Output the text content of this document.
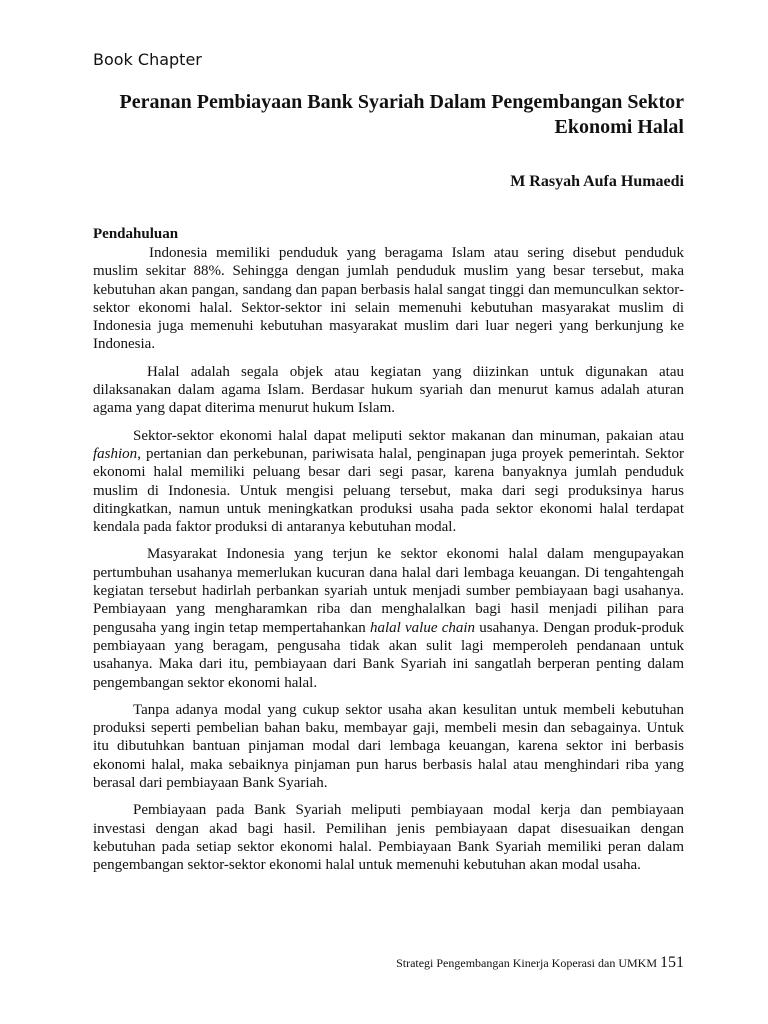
Book Chapter

Peranan Pembiayaan Bank Syariah Dalam Pengembangan Sektor Ekonomi Halal

M Rasyah Aufa Humaedi

Pendahuluan

Indonesia memiliki penduduk yang beragama Islam atau sering disebut penduduk muslim sekitar 88%. Sehingga dengan jumlah penduduk muslim yang besar tersebut, maka kebutuhan akan pangan, sandang dan papan berbasis halal sangat tinggi dan memunculkan sektor-sektor ekonomi halal. Sektor-sektor ini selain memenuhi kebutuhan masyarakat muslim di Indonesia juga memenuhi kebutuhan masyarakat muslim dari luar negeri yang berkunjung ke Indonesia.

Halal adalah segala objek atau kegiatan yang diizinkan untuk digunakan atau dilaksanakan dalam agama Islam. Berdasar hukum syariah dan menurut kamus adalah aturan agama yang dapat diterima menurut hukum Islam.

Sektor-sektor ekonomi halal dapat meliputi sektor makanan dan minuman, pakaian atau fashion, pertanian dan perkebunan, pariwisata halal, penginapan juga proyek pemerintah. Sektor ekonomi halal memiliki peluang besar dari segi pasar, karena banyaknya jumlah penduduk muslim di Indonesia. Untuk mengisi peluang tersebut, maka dari segi produksinya harus ditingkatkan, namun untuk meningkatkan produksi usaha pada sektor ekonomi halal terdapat kendala pada faktor produksi di antaranya kebutuhan modal.

Masyarakat Indonesia yang terjun ke sektor ekonomi halal dalam mengupayakan pertumbuhan usahanya memerlukan kucuran dana halal dari lembaga keuangan. Di tengahtengah kegiatan tersebut hadirlah perbankan syariah untuk menjadi sumber pembiayaan bagi usahanya. Pembiayaan yang mengharamkan riba dan menghalalkan bagi hasil menjadi pilihan para pengusaha yang ingin tetap mempertahankan halal value chain usahanya. Dengan produk-produk pembiayaan yang beragam, pengusaha tidak akan sulit lagi memperoleh pendanaan untuk usahanya. Maka dari itu, pembiayaan dari Bank Syariah ini sangatlah berperan penting dalam pengembangan sektor ekonomi halal.

Tanpa adanya modal yang cukup sektor usaha akan kesulitan untuk membeli kebutuhan produksi seperti pembelian bahan baku, membayar gaji, membeli mesin dan sebagainya. Untuk itu dibutuhkan bantuan pinjaman modal dari lembaga keuangan, karena sektor ini berbasis ekonomi halal, maka sebaiknya pinjaman pun harus berbasis halal atau menghindari riba yang berasal dari pembiayaan Bank Syariah.

Pembiayaan pada Bank Syariah meliputi pembiayaan modal kerja dan pembiayaan investasi dengan akad bagi hasil. Pemilihan jenis pembiayaan dapat disesuaikan dengan kebutuhan pada setiap sektor ekonomi halal. Pembiayaan Bank Syariah memiliki peran dalam pengembangan sektor-sektor ekonomi halal untuk memenuhi kebutuhan akan modal usaha.

Strategi Pengembangan Kinerja Koperasi dan UMKM 151
